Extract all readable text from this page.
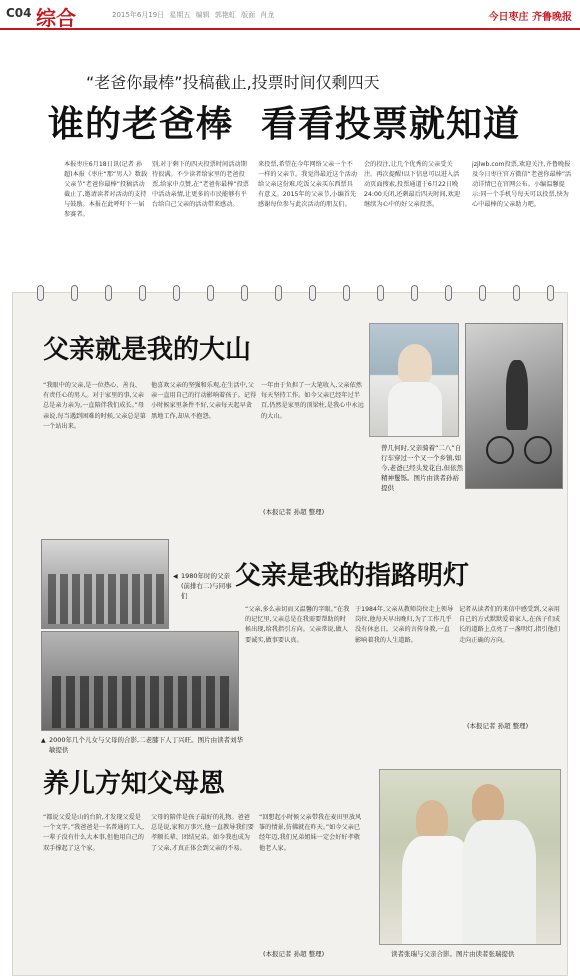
C04 综合	2015年6月19日 星期五 编辑 郭艳虹 版面 肖龙	今日枣庄 齐鲁晚报
“老爸你最棒”投稿截止,投票时间仅剩四天
谁的老爸棒 看看投票就知道
本报枣庄6月18日讯(记者 孙超)本报《枣庄“那”男人》数载父亲节“老爸你最棒”投稿活动截止了,邀请读者对活动的支持与鼓励。本报在此呼吁下一届参赛者。
别,对于剩下的四天投票时间活动期待很满。不少读者给家里的老爸投票,给家中点赞,在“老爸你最棒”投票中活动亲情,让更多的市民能够有平台给自己父亲的活动带来感动。
来投票,希望在今年网络父亲一个不一样的父亲节。我觉得最近这个活动给父亲这份难,吃饭父亲买东西票具有意义。2015年的父亲节,小编首先感谢每位参与此次活动的朋友们。
会的投注,让几个优秀的父亲受关注。再次提醒!以下信息可以进入活动页面搜索,投票通道于6月22日晚24:00关闭,还剩最后四天时间,欢迎继续为心中的好父亲投票。
jzjlwb.com投票,欢迎关注,齐鲁晚报及今日枣庄官方微信“老爸你最棒”活动详情已在官网公布。小编温馨提示:同一个手机号每天可以投票,快为心中最棒的父亲助力吧。
父亲就是我的大山
“我眼中的父亲,是一位热心、善良、有责任心的男人。对于家里的事,父亲总是亲力亲为,一直陪伴我们成长。”母亲说,每当遇到困难的时候,父亲总是第一个站出来。
他喜欢父亲的坚强和乐观,在生活中,父亲一直用自己的行动影响着孩子。记得小时候家里条件不好,父亲每天起早贪黑地工作,却从不抱怨。
一年由于负担了一大笔收入,父亲依然每天坚持工作。如今父亲已经年过半百,仍然是家里的顶梁柱,是我心中永远的大山。
(本报记者 孙超 整理)
曾几何时,父亲骑着“二八”自行车穿过一个又一个乡镇,如今,老爸已经头发花白,但依然精神矍铄。图片由读者孙裕提供
◀ 1980年时的父亲(前排右二)与同事们
父亲是我的指路明灯
▲ 2000年几个儿女与父母的合影,二老膝下人丁兴旺。图片由读者刘华敏提供
“父亲,多么亲切而又温馨的字眼。”在我的记忆里,父亲总是在我需要帮助的时候出现,给我指引方向。父亲常说,做人要诚实,做事要认真。
于1984年,父亲从教师岗位走上领导岗位,他每天早出晚归,为了工作几乎没有休息日。父亲的言传身教,一直影响着我的人生道路。
记者从读者们的来信中感受到,父亲用自己的方式默默爱着家人,在孩子们成长的道路上点亮了一盏明灯,指引他们走向正确的方向。
(本报记者 孙超 整理)
养儿方知父母恩
“都说父爱是山的台阶,才发现父爱是一个文字。”我爸爸是一名普通的工人,一辈子没有什么大本事,但他用自己的双手撑起了这个家。
父母的陪伴是孩子最好的礼物。爸爸总是说,家和万事兴,他一直教导我们要孝顺长辈、团结兄弟。如今我也成为了父亲,才真正体会到父亲的不易。
“回想起小时候父亲带我在麦田里放风筝的情景,仿佛就在昨天。”如今父亲已经年迈,我们兄弟姐妹一定会好好孝敬他老人家。
(本报记者 孙超 整理)	读者张瑞与父亲合影。图片由读者张瑞提供
